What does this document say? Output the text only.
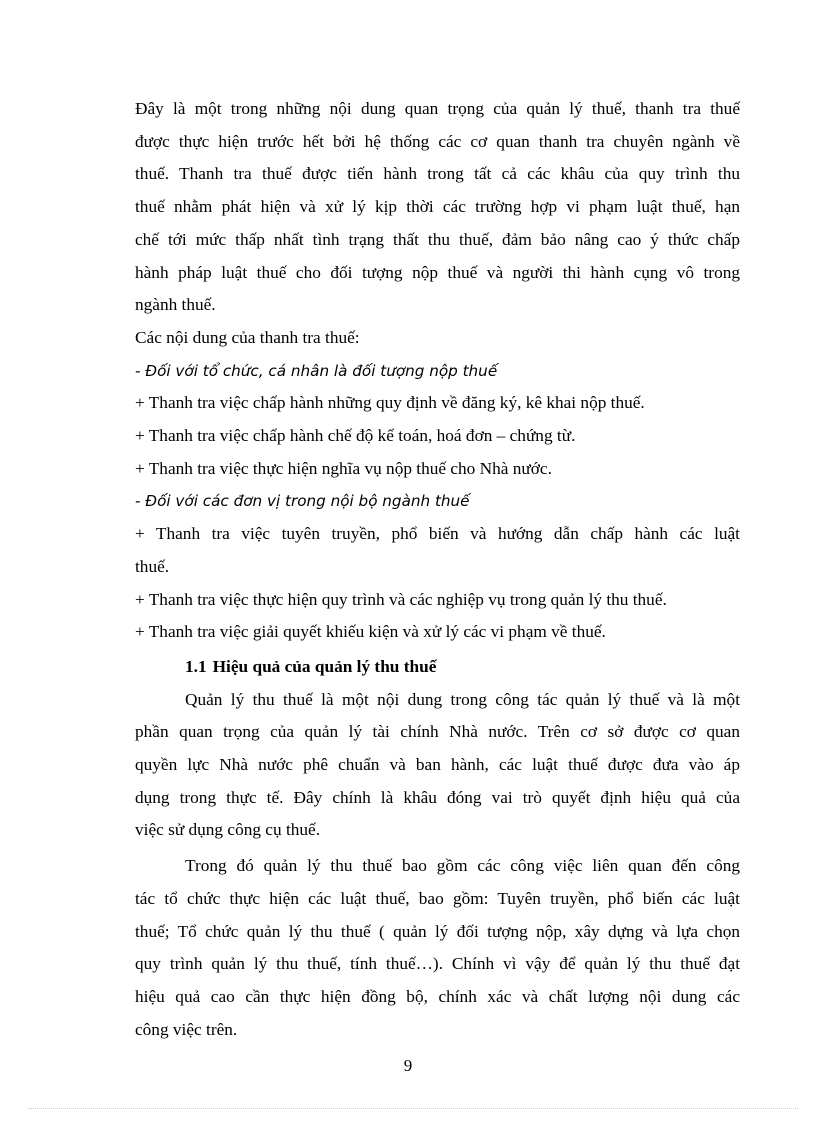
Đây là một trong những nội dung quan trọng của quản lý thuế, thanh tra thuế
được thực hiện trước hết bởi hệ thống các cơ quan thanh tra chuyên ngành về
thuế. Thanh tra thuế được tiến hành trong tất cả các khâu của quy trình thu
thuế nhằm phát hiện và xử lý kịp thời các trường hợp vi phạm luật thuế, hạn
chế tới mức thấp nhất tình trạng thất thu thuế, đảm bảo nâng cao ý thức chấp
hành pháp luật thuế cho đối tượng nộp thuế và người thi hành cụng vô trong
ngành thuế.
Các nội dung của thanh tra thuế:
- Đối với tổ chức, cá nhân là đối tượng nộp thuế
+ Thanh tra việc chấp hành những quy định về đăng ký, kê khai nộp thuế.
+ Thanh tra việc chấp hành chế độ kế toán, hoá đơn – chứng từ.
+ Thanh tra việc thực hiện nghĩa vụ nộp thuế cho Nhà nước.
- Đối với các đơn vị trong nội bộ ngành thuế
+ Thanh tra việc tuyên truyền, phổ biến và hướng dẫn chấp hành các luật
thuế.
+ Thanh tra việc thực hiện quy trình và các nghiệp vụ trong quản lý thu thuế.
+ Thanh tra việc giải quyết khiếu kiện và xử lý các vi phạm về thuế.
1.1 Hiệu quả của quản lý thu thuế
Quản lý thu thuế là một nội dung trong công tác quản lý thuế và là một
phần quan trọng của quản lý tài chính Nhà nước. Trên cơ sở được cơ quan
quyền lực Nhà nước phê chuẩn và ban hành, các luật thuế được đưa vào áp
dụng trong thực tế. Đây chính là khâu đóng vai trò quyết định hiệu quả của
việc sử dụng công cụ thuế.
Trong đó quản lý thu thuế bao gồm các công việc liên quan đến công
tác tổ chức thực hiện các luật thuế, bao gồm: Tuyên truyền, phổ biến các luật
thuế; Tổ chức quản lý thu thuế ( quản lý đối tượng nộp, xây dựng và lựa chọn
quy trình quản lý thu thuế, tính thuế…). Chính vì vậy để quản lý thu thuế đạt
hiệu quả cao cần thực hiện đồng bộ, chính xác và chất lượng nội dung các
công việc trên.
9
